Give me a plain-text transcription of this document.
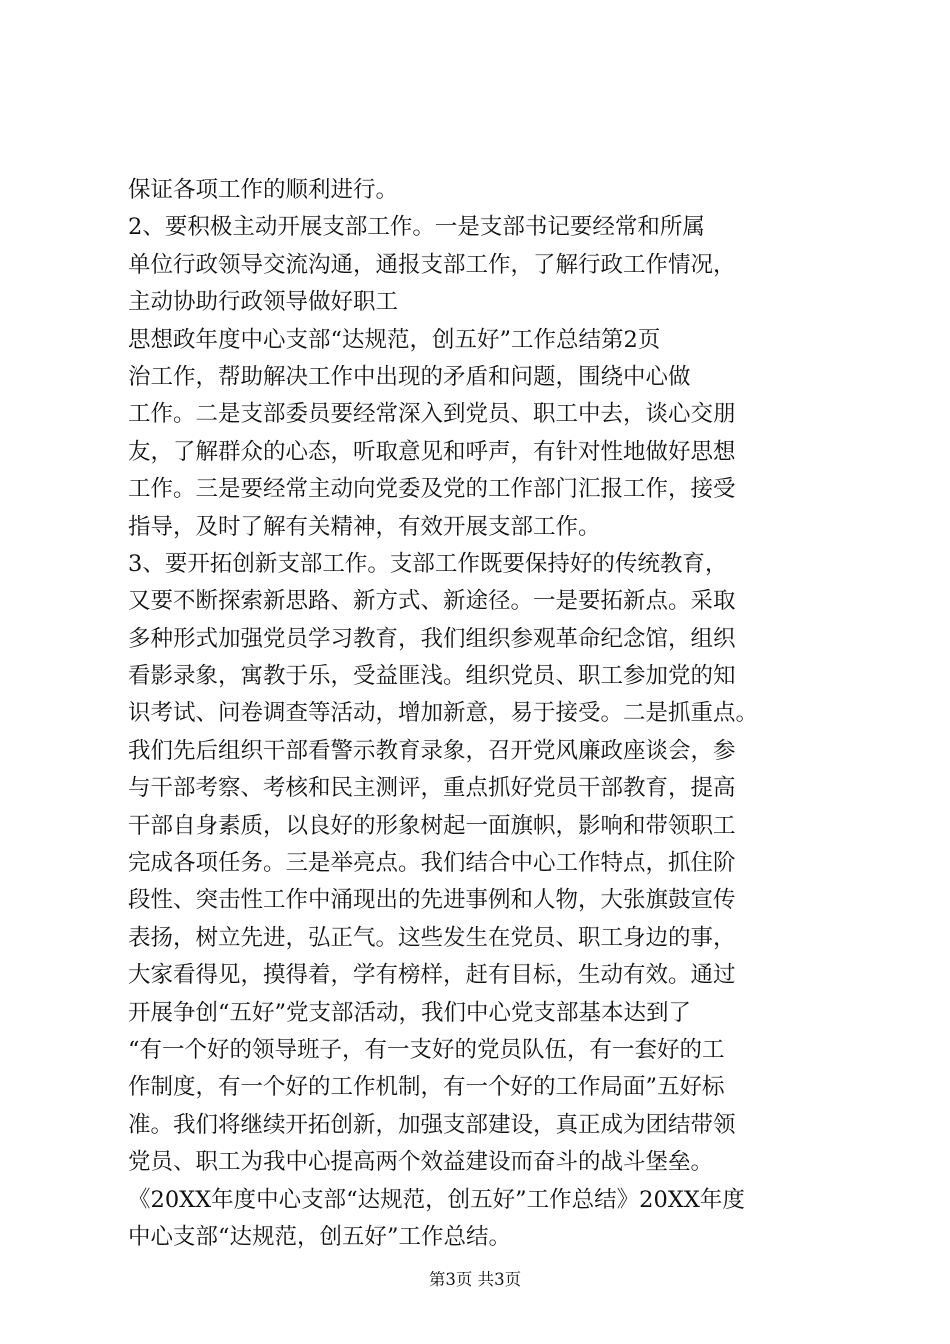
保证各项工作的顺利进行。
2、要积极主动开展支部工作。一是支部书记要经常和所属
单位行政领导交流沟通，通报支部工作，了解行政工作情况，
主动协助行政领导做好职工
思想政年度中心支部“达规范，创五好”工作总结第2页
治工作，帮助解决工作中出现的矛盾和问题，围绕中心做
工作。二是支部委员要经常深入到党员、职工中去，谈心交朋
友，了解群众的心态，听取意见和呼声，有针对性地做好思想
工作。三是要经常主动向党委及党的工作部门汇报工作，接受
指导，及时了解有关精神，有效开展支部工作。
3、要开拓创新支部工作。支部工作既要保持好的传统教育，
又要不断探索新思路、新方式、新途径。一是要拓新点。采取
多种形式加强党员学习教育，我们组织参观革命纪念馆，组织
看影录象，寓教于乐，受益匪浅。组织党员、职工参加党的知
识考试、问卷调查等活动，增加新意，易于接受。二是抓重点。
我们先后组织干部看警示教育录象，召开党风廉政座谈会，参
与干部考察、考核和民主测评，重点抓好党员干部教育，提高
干部自身素质，以良好的形象树起一面旗帜，影响和带领职工
完成各项任务。三是举亮点。我们结合中心工作特点，抓住阶
段性、突击性工作中涌现出的先进事例和人物，大张旗鼓宣传
表扬，树立先进，弘正气。这些发生在党员、职工身边的事，
大家看得见，摸得着，学有榜样，赶有目标，生动有效。通过
开展争创“五好”党支部活动，我们中心党支部基本达到了
“有一个好的领导班子，有一支好的党员队伍，有一套好的工
作制度，有一个好的工作机制，有一个好的工作局面”五好标
准。我们将继续开拓创新，加强支部建设，真正成为团结带领
党员、职工为我中心提高两个效益建设而奋斗的战斗堡垒。
《20XX年度中心支部“达规范，创五好”工作总结》20XX年度
中心支部“达规范，创五好”工作总结。
第3页 共3页
